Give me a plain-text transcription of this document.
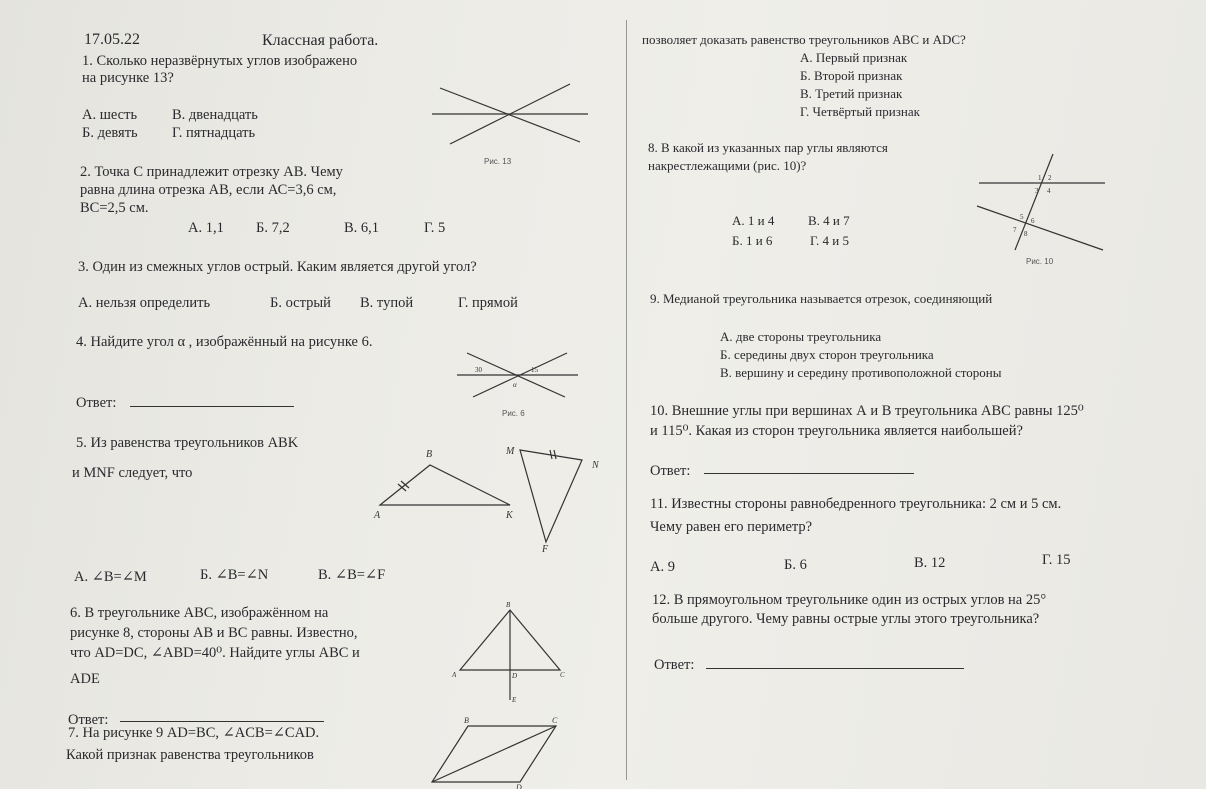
17.05.22	Классная работа.
1. Сколько неразвёрнутых углов изображено
на рисунке 13?
А. шесть В. двенадцать
Б. девять Г. пятнадцать
Рис. 13
2. Точка С принадлежит отрезку АВ. Чему
равна длина отрезка АВ, если АС=3,6 см,
ВС=2,5 см.
А. 1,1 Б. 7,2	В. 6,1	Г. 5
3. Один из смежных углов острый. Каким является другой угол?
А. нельзя определить	Б. острый В. тупой	Г. прямой
4. Найдите угол α , изображённый на рисунке 6.
Ответ:
30	15
α
Рис. 6
5. Из равенства треугольников ABK
и MNF следует, что
A
B
K
M
N
F
А. ∠B=∠M	Б. ∠B=∠N	В. ∠B=∠F
6. В треугольнике АВС, изображённом на
рисунке 8, стороны АВ и ВС равны. Известно,
что AD=DC, ∠ABD=40⁰. Найдите углы АВС и
ADE
Ответ:
A
B
C
D
E
7. На рисунке 9 AD=BC, ∠ACB=∠CAD.
Какой признак равенства треугольников
B	C
D
позволяет доказать равенство треугольников АВС и ADC?
А. Первый признак
Б. Второй признак
В. Третий признак
Г. Четвёртый признак
8. В какой из указанных пар углы являются
накрестлежащими (рис. 10)?
А. 1 и 4	В. 4 и 7
Б. 1 и 6	Г. 4 и 5
1 2
3 4
5 6
7 8
Рис. 10
9. Медианой треугольника называется отрезок, соединяющий
А. две стороны треугольника
Б. середины двух сторон треугольника
В. вершину и середину противоположной стороны
10. Внешние углы при вершинах А и В треугольника АВС равны 125⁰
и 115⁰. Какая из сторон треугольника является наибольшей?
Ответ:
11. Известны стороны равнобедренного треугольника: 2 см и 5 см.
Чему равен его периметр?
А. 9	Б. 6	В. 12	Г. 15
12. В прямоугольном треугольнике один из острых углов на 25°
больше другого. Чему равны острые углы этого треугольника?
Ответ:
